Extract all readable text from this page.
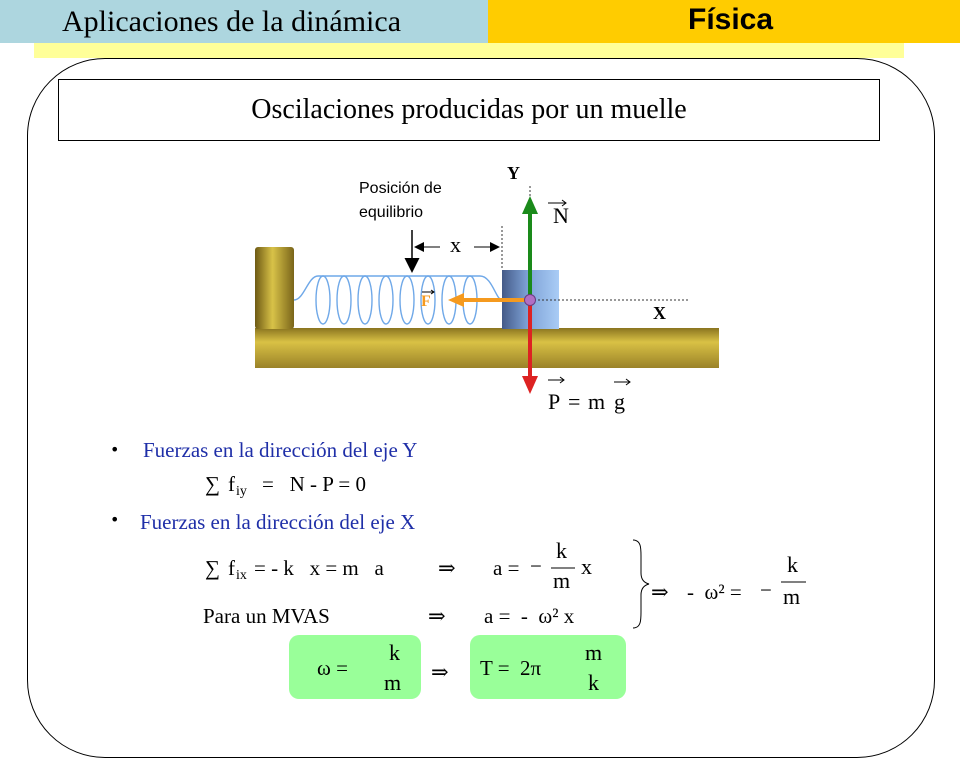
Aplicaciones de la dinámica	Física
Oscilaciones producidas por un muelle
Posición de
equilibrio
x
Y
X
N
F
P = m g
• Fuerzas en la dirección del eje Y
∑ f iy =   N - P = 0
• Fuerzas en la dirección del eje X
∑ f ix = - k   x = m   a	⇒ a = −
k
m
x
Para un MVAS	⇒ a =  -  ω² x
⇒ -  ω² = −
k
m
ω =
k
m ⇒ T =  2π
m
k
